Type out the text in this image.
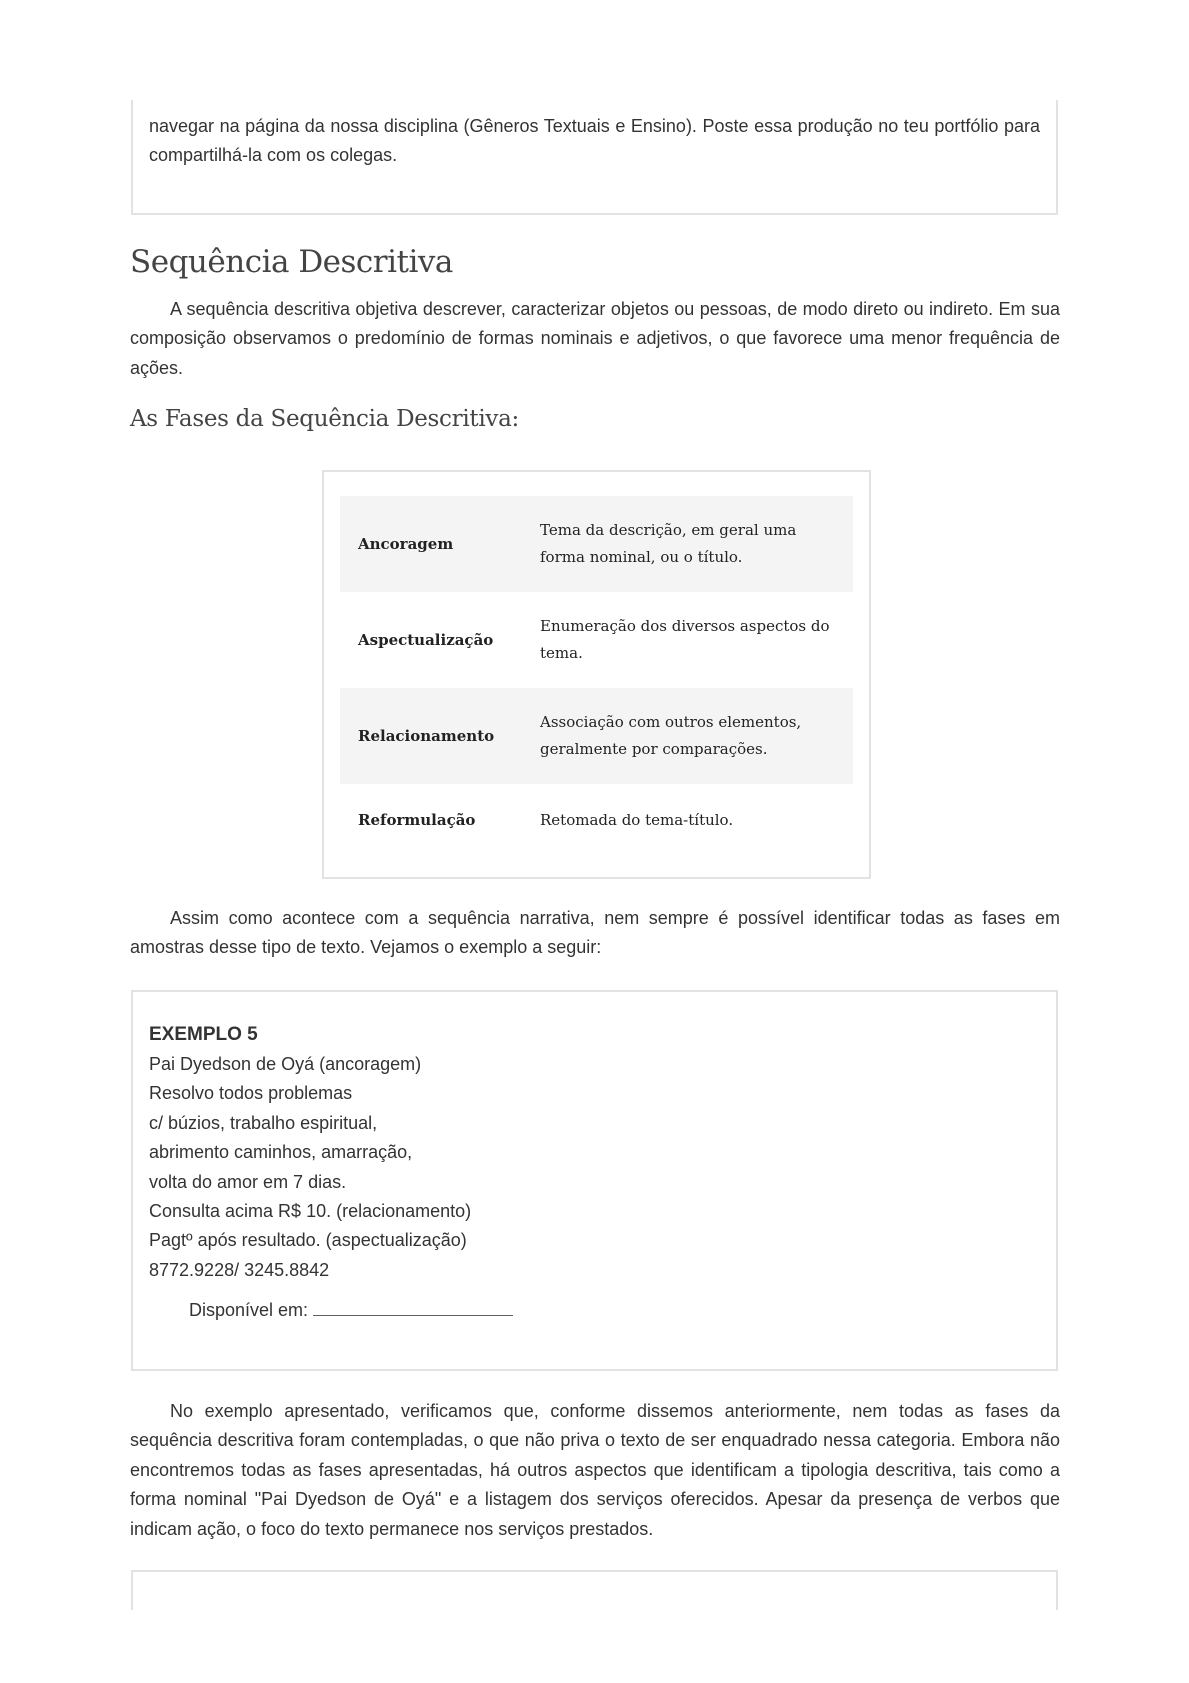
navegar na página da nossa disciplina (Gêneros Textuais e Ensino). Poste essa produção no teu portfólio para compartilhá-la com os colegas.

Sequência Descritiva

A sequência descritiva objetiva descrever, caracterizar objetos ou pessoas, de modo direto ou indireto. Em sua composição observamos o predomínio de formas nominais e adjetivos, o que favorece uma menor frequência de ações.

As Fases da Sequência Descritiva:
Ancoragem	Tema da descrição, em geral uma forma nominal, ou o título.
Aspectualização	Enumeração dos diversos aspectos do tema.
Relacionamento	Associação com outros elementos, geralmente por comparações.
Reformulação	Retomada do tema-título.

Assim como acontece com a sequência narrativa, nem sempre é possível identificar todas as fases em amostras desse tipo de texto. Vejamos o exemplo a seguir:

EXEMPLO 5
Pai Dyedson de Oyá (ancoragem)
Resolvo todos problemas
c/ búzios, trabalho espiritual,
abrimento caminhos, amarração,
volta do amor em 7 dias.
Consulta acima R$ 10. (relacionamento)
Pagtº após resultado. (aspectualização)
8772.9228/ 3245.8842
Disponível em:

No exemplo apresentado, verificamos que, conforme dissemos anteriormente, nem todas as fases da sequência descritiva foram contempladas, o que não priva o texto de ser enquadrado nessa categoria. Embora não encontremos todas as fases apresentadas, há outros aspectos que identificam a tipologia descritiva, tais como a forma nominal "Pai Dyedson de Oyá" e a listagem dos serviços oferecidos. Apesar da presença de verbos que indicam ação, o foco do texto permanece nos serviços prestados.
